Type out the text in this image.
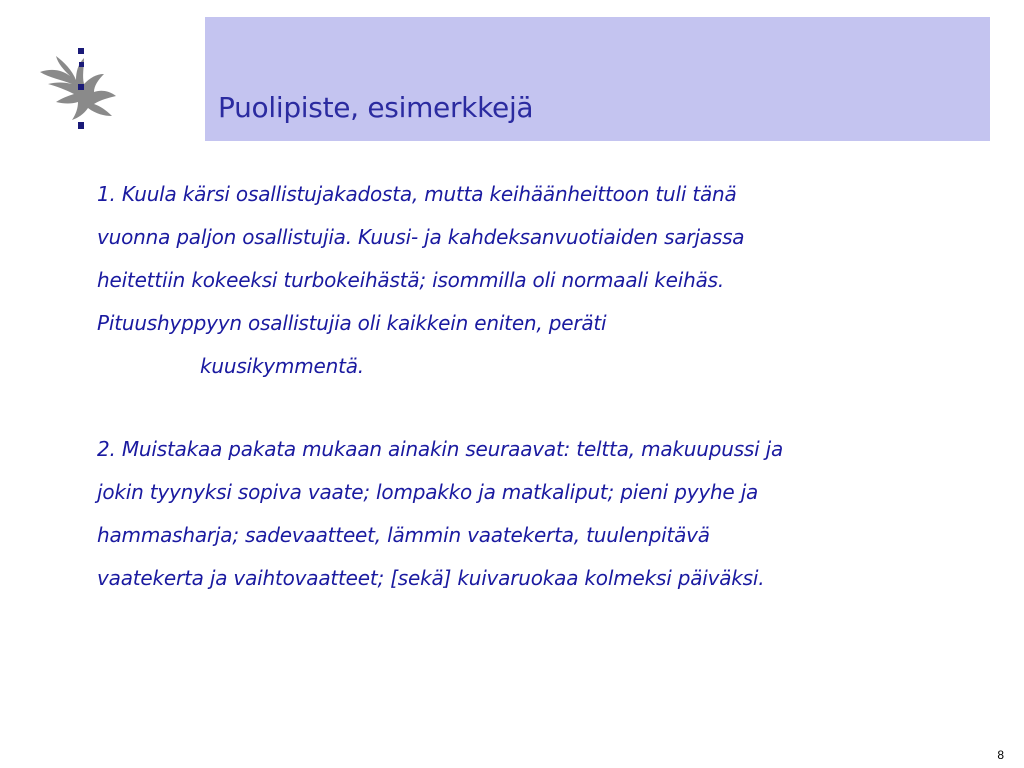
Puolipiste, esimerkkejä
1. Kuula kärsi osallistujakadosta, mutta keihäänheittoon tuli tänä
vuonna paljon osallistujia. Kuusi- ja kahdeksanvuotiaiden sarjassa
heitettiin kokeeksi turbokeihästä; isommilla oli normaali keihäs.
Pituushyppyyn osallistujia oli kaikkein eniten, peräti
kuusikymmentä.
2. Muistakaa pakata mukaan ainakin seuraavat: teltta, makuupussi ja
jokin tyynyksi sopiva vaate; lompakko ja matkaliput; pieni pyyhe ja
hammasharja; sadevaatteet, lämmin vaatekerta, tuulenpitävä
vaatekerta ja vaihtovaatteet; [sekä] kuivaruokaa kolmeksi päiväksi.
8
